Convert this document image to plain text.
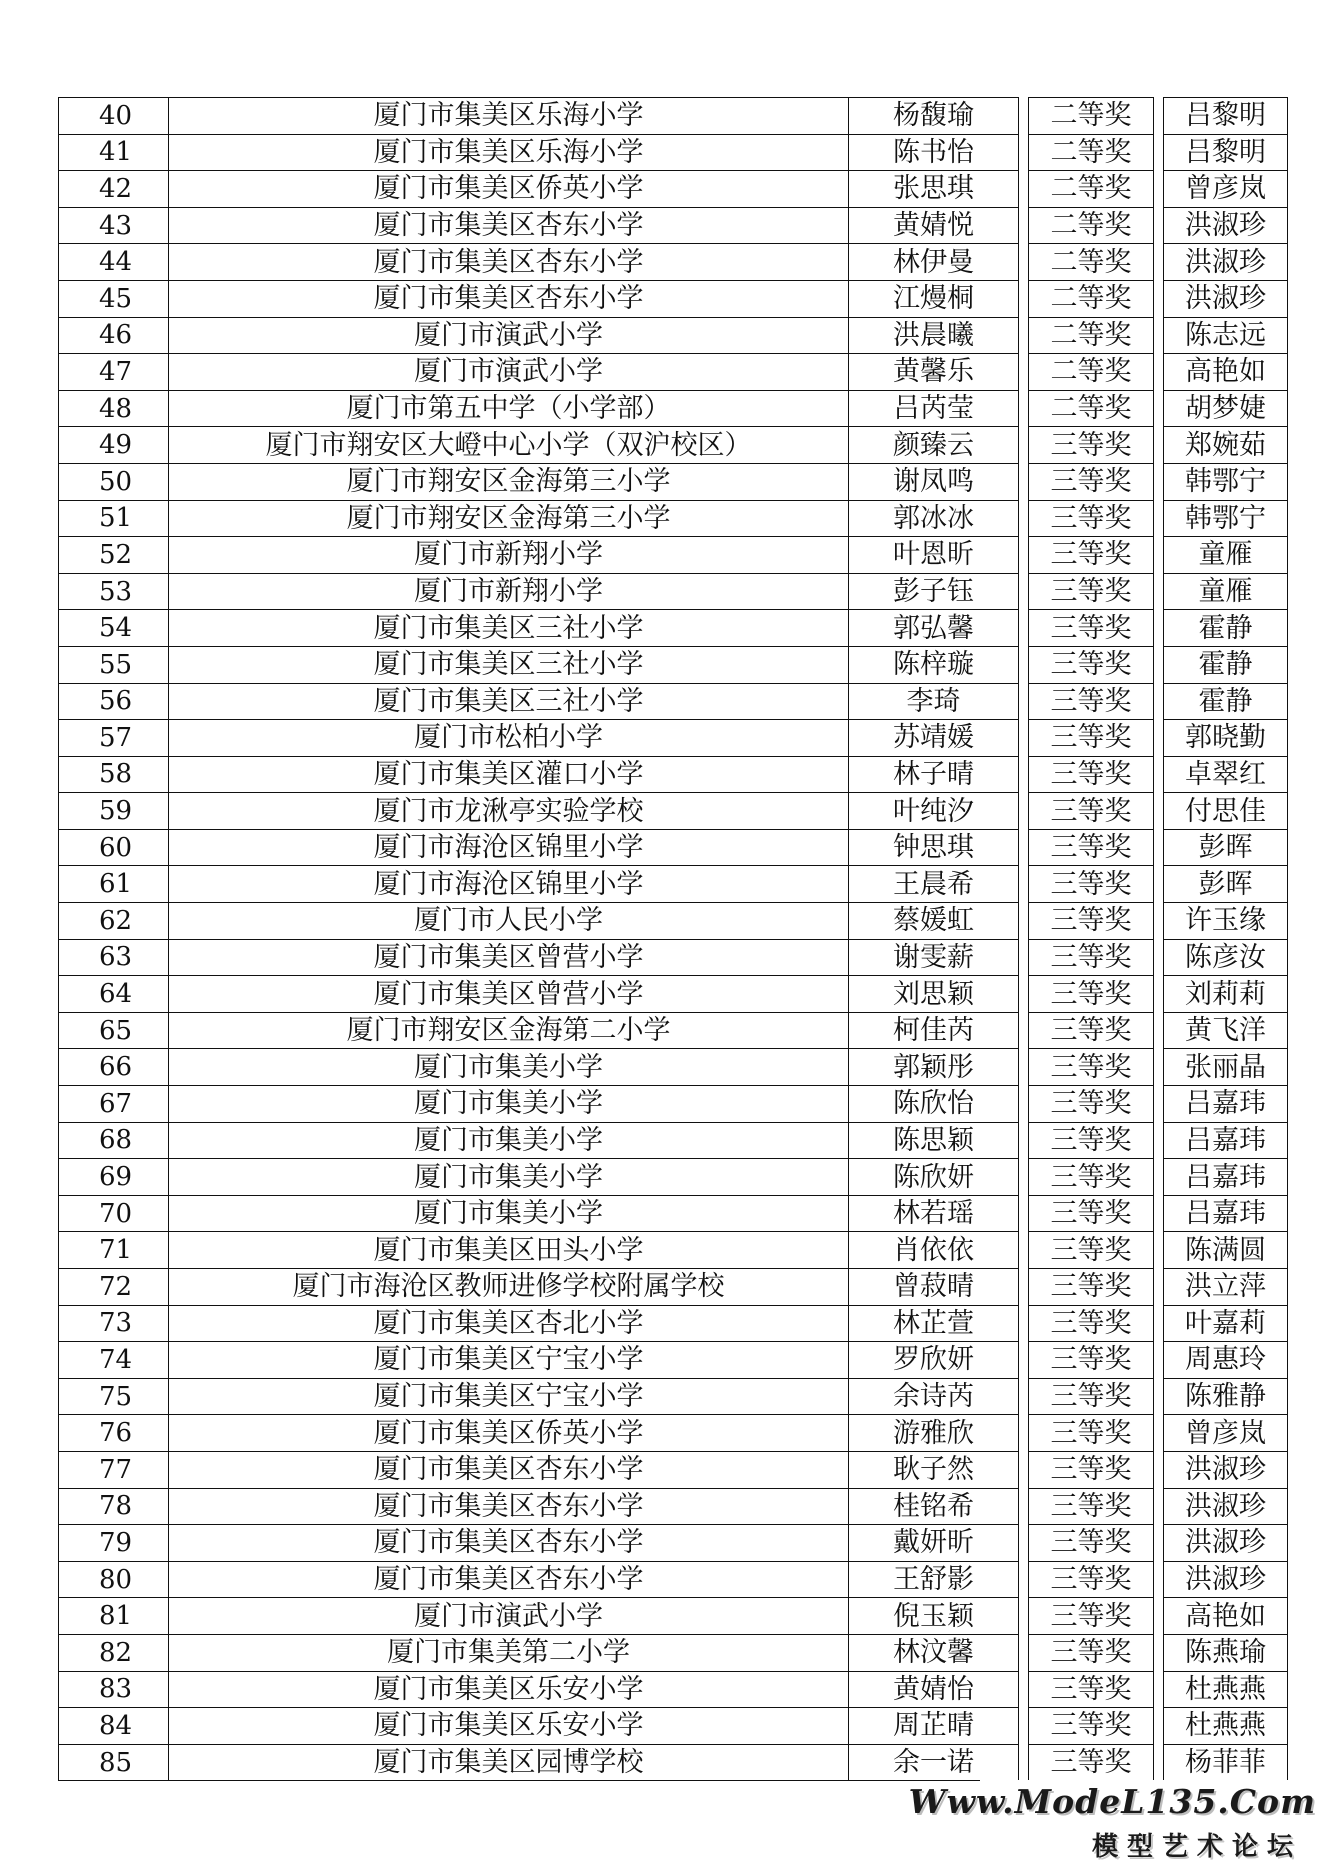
40	厦门市集美区乐海小学	杨馥瑜		二等奖		吕黎明
41	厦门市集美区乐海小学	陈书怡		二等奖		吕黎明
42	厦门市集美区侨英小学	张思琪		二等奖		曾彦岚
43	厦门市集美区杏东小学	黄婧悦		二等奖		洪淑珍
44	厦门市集美区杏东小学	林伊曼		二等奖		洪淑珍
45	厦门市集美区杏东小学	江熳桐		二等奖		洪淑珍
46	厦门市演武小学	洪晨曦		二等奖		陈志远
47	厦门市演武小学	黄馨乐		二等奖		高艳如
48	厦门市第五中学（小学部）	吕芮莹		二等奖		胡梦婕
49	厦门市翔安区大嶝中心小学（双沪校区）	颜臻云		三等奖		郑婉茹
50	厦门市翔安区金海第三小学	谢凤鸣		三等奖		韩鄂宁
51	厦门市翔安区金海第三小学	郭冰冰		三等奖		韩鄂宁
52	厦门市新翔小学	叶恩昕		三等奖		童雁
53	厦门市新翔小学	彭子钰		三等奖		童雁
54	厦门市集美区三社小学	郭弘馨		三等奖		霍静
55	厦门市集美区三社小学	陈梓璇		三等奖		霍静
56	厦门市集美区三社小学	李琦		三等奖		霍静
57	厦门市松柏小学	苏靖媛		三等奖		郭晓勤
58	厦门市集美区灌口小学	林子晴		三等奖		卓翠红
59	厦门市龙湫亭实验学校	叶纯汐		三等奖		付思佳
60	厦门市海沧区锦里小学	钟思琪		三等奖		彭晖
61	厦门市海沧区锦里小学	王晨希		三等奖		彭晖
62	厦门市人民小学	蔡媛虹		三等奖		许玉缘
63	厦门市集美区曾营小学	谢雯薪		三等奖		陈彦汝
64	厦门市集美区曾营小学	刘思颖		三等奖		刘莉莉
65	厦门市翔安区金海第二小学	柯佳芮		三等奖		黄飞洋
66	厦门市集美小学	郭颖彤		三等奖		张丽晶
67	厦门市集美小学	陈欣怡		三等奖		吕嘉玮
68	厦门市集美小学	陈思颖		三等奖		吕嘉玮
69	厦门市集美小学	陈欣妍		三等奖		吕嘉玮
70	厦门市集美小学	林若瑶		三等奖		吕嘉玮
71	厦门市集美区田头小学	肖依依		三等奖		陈满圆
72	厦门市海沧区教师进修学校附属学校	曾菽晴		三等奖		洪立萍
73	厦门市集美区杏北小学	林芷萱		三等奖		叶嘉莉
74	厦门市集美区宁宝小学	罗欣妍		三等奖		周惠玲
75	厦门市集美区宁宝小学	余诗芮		三等奖		陈雅静
76	厦门市集美区侨英小学	游雅欣		三等奖		曾彦岚
77	厦门市集美区杏东小学	耿子然		三等奖		洪淑珍
78	厦门市集美区杏东小学	桂铭希		三等奖		洪淑珍
79	厦门市集美区杏东小学	戴妍昕		三等奖		洪淑珍
80	厦门市集美区杏东小学	王舒影		三等奖		洪淑珍
81	厦门市演武小学	倪玉颖		三等奖		高艳如
82	厦门市集美第二小学	林汶馨		三等奖		陈燕瑜
83	厦门市集美区乐安小学	黄婧怡		三等奖		杜燕燕
84	厦门市集美区乐安小学	周芷晴		三等奖		杜燕燕
85	厦门市集美区园博学校	余一诺		三等奖		杨菲菲
Www.ModeL135.Com
模型艺术论坛
